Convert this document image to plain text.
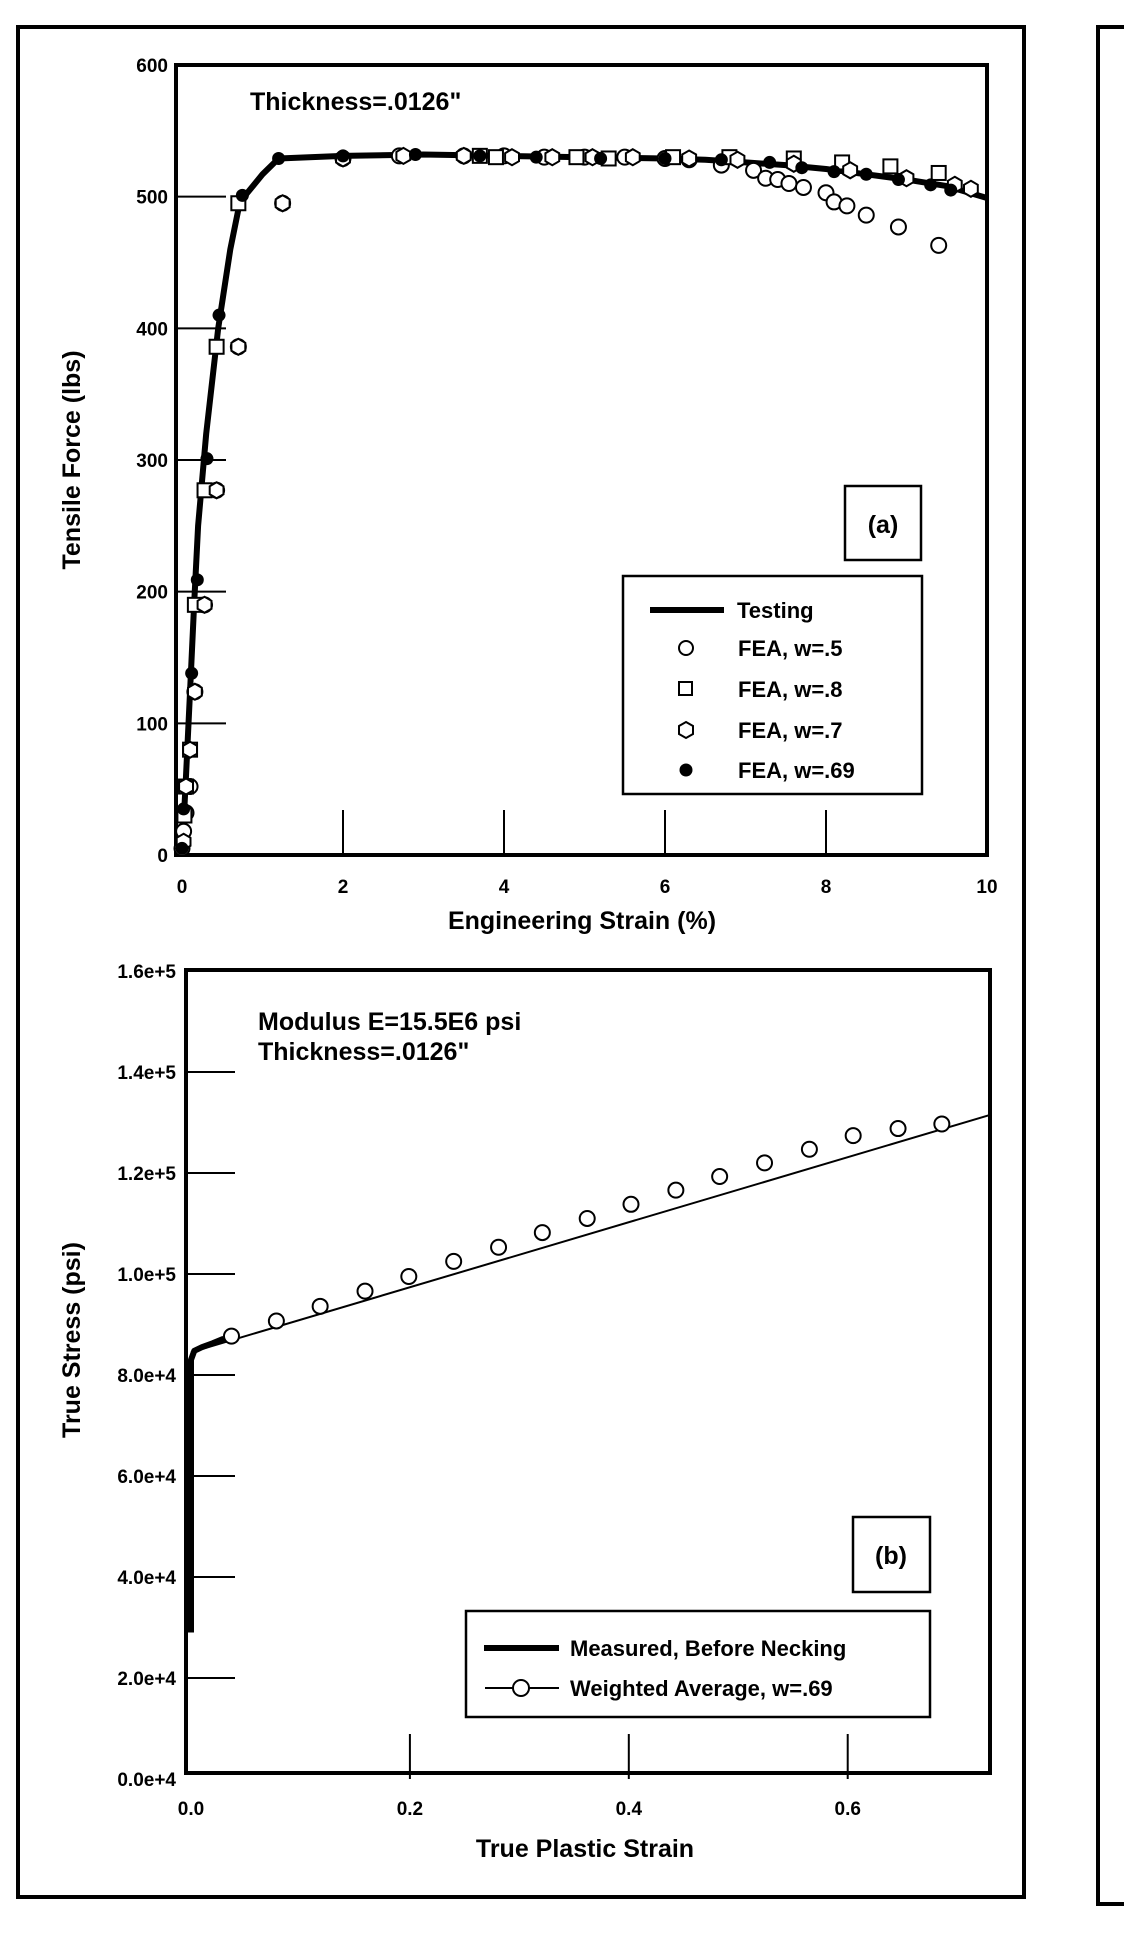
0
100
200
300
400
500
600
0	2	4	6	8	10
Thickness=.0126"
(a)
Testing
FEA, w=.5
FEA, w=.8
FEA, w=.7
FEA, w=.69
Engineering Strain (%)
Tensile Force (lbs)
0.0e+4
2.0e+4
4.0e+4
6.0e+4
8.0e+4
1.0e+5
1.2e+5
1.4e+5
1.6e+5
0.0	0.2	0.4	0.6
Modulus E=15.5E6 psi
Thickness=.0126"
(b)
Measured, Before Necking
Weighted Average, w=.69
True Plastic Strain
True Stress (psi)
